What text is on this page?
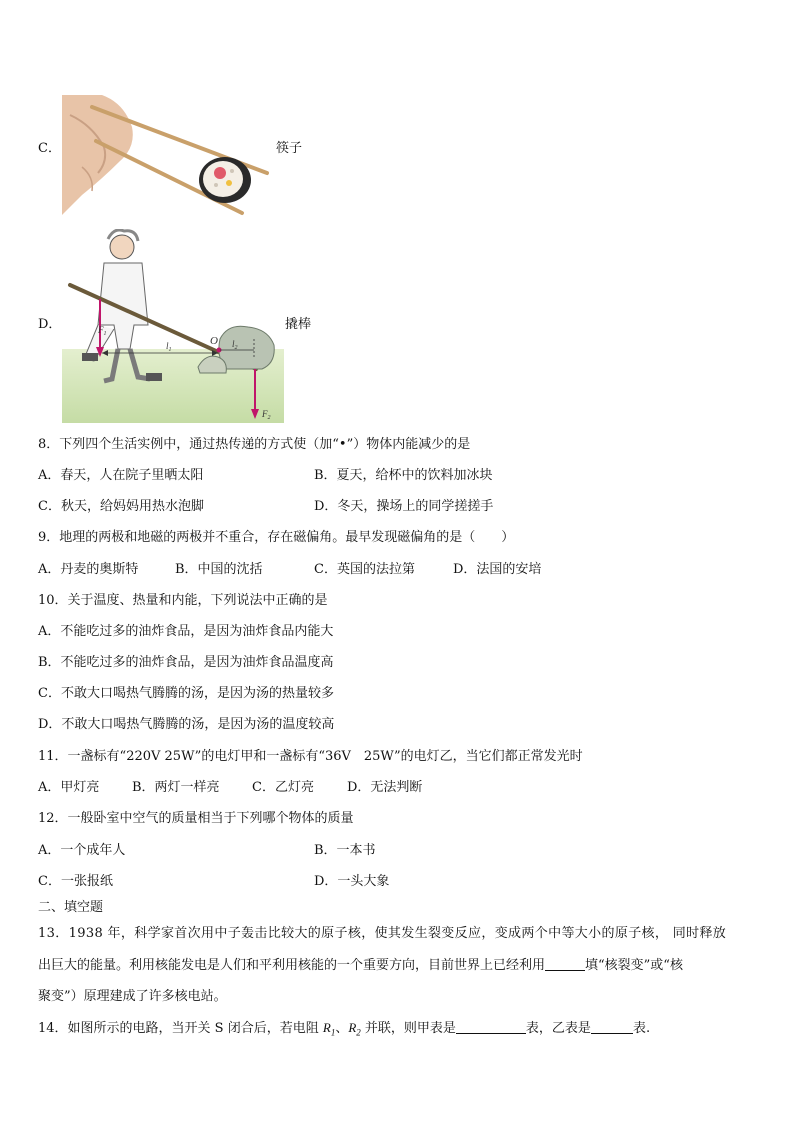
C．	筷子
D．	$F_1$
O
$l_1$
$l_2$
$F_2$
撬棒
8．下列四个生活实例中，通过热传递的方式使（加“•”）物体内能减少的是
A．春天，人在院子里晒太阳	B．夏天，给杯中的饮料加冰块
C．秋天，给妈妈用热水泡脚	D．冬天，操场上的同学搓搓手
9．地理的两极和地磁的两极并不重合，存在磁偏角。最早发现磁偏角的是（　　）
A．丹麦的奥斯特	B．中国的沈括	C．英国的法拉第	D．法国的安培
10．关于温度、热量和内能，下列说法中正确的是
A．不能吃过多的油炸食品，是因为油炸食品内能大
B．不能吃过多的油炸食品，是因为油炸食品温度高
C．不敢大口喝热气腾腾的汤，是因为汤的热量较多
D．不敢大口喝热气腾腾的汤，是因为汤的温度较高
11．一盏标有“220V 25W”的电灯甲和一盏标有“36V　25W”的电灯乙，当它们都正常发光时
A．甲灯亮	B．两灯一样亮 C．乙灯亮	D．无法判断
12．一般卧室中空气的质量相当于下列哪个物体的质量
A．一个成年人	B．一本书
C．一张报纸	D．一头大象
二、填空题
13．1938 年，科学家首次用中子轰击比较大的原子核，使其发生裂变反应，变成两个中等大小的原子核， 同时释放
出巨大的能量。利用核能发电是人们和平利用核能的一个重要方向，目前世界上已经利用	填“核裂变”或“核
聚变”）原理建成了许多核电站。
14．如图所示的电路，当开关 S 闭合后，若电阻 $R_1$、$R_2$ 并联，则甲表是	表，乙表是	表.
